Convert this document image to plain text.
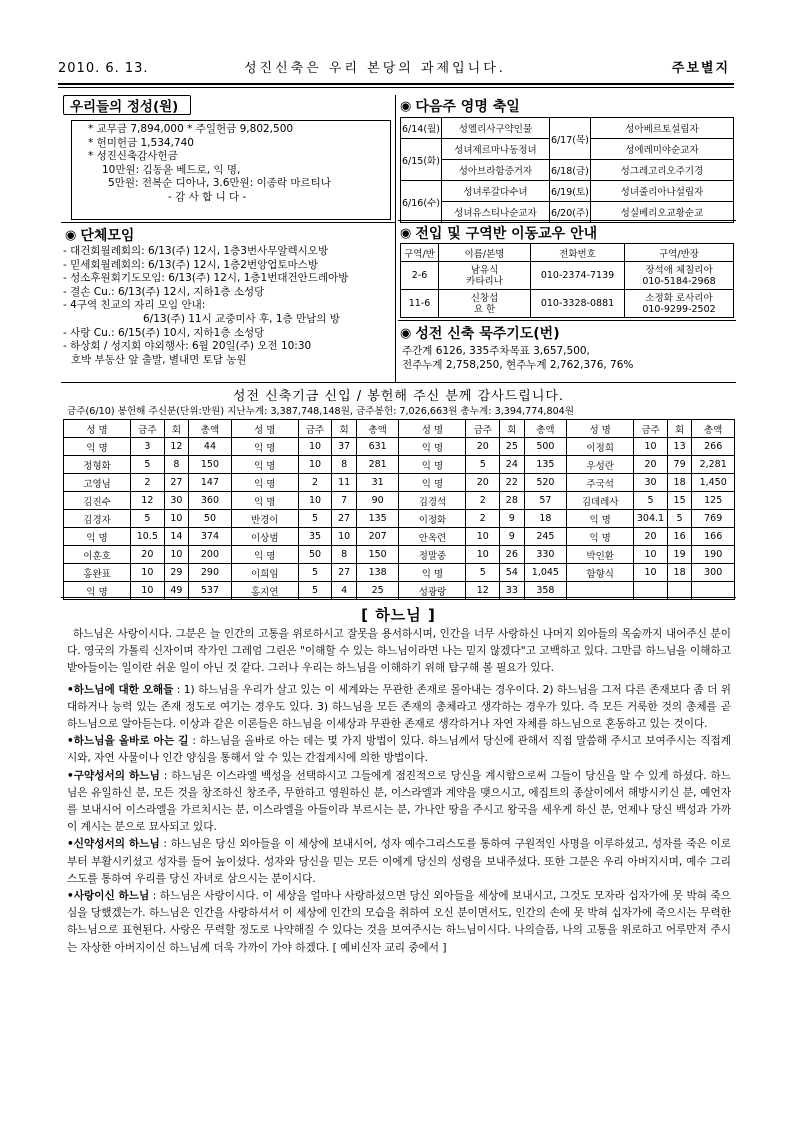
2010. 6. 13.	성진신축은 우리 본당의 과제입니다.	주보별지
우리들의 정성(원)
* 교무금 7,894,000 * 주일헌금 9,802,500
* 헌미헌금 1,534,740
* 성진신축감사헌금
10만원: 김동윤 베드로, 익 명,
5만원: 전복순 디아나, 3.6만원: 이종락 마르티나
- 감 사 합 니 다 -
◉ 단체모임
- 대건회월례회의: 6/13(주) 12시, 1층3번사무알렉시오방
- 믿세회월례회의: 6/13(주) 12시, 1층2번앙업토마스방
- 성소후원회기도모임: 6/13(주) 12시, 1층1번대건안드레아방
- 결손 Cu.: 6/13(주) 12시, 지하1층 소성당
- 4구역 친교의 자리 모임 안내:
6/13(주) 11시 교중미사 후, 1층 만남의 방
- 사랑 Cu.: 6/15(주) 10시, 지하1층 소성당
- 하상회 / 성지회 야외행사: 6월 20일(주) 오전 10:30
호박 부동산 앞 출발, 별내면 토담 농원
◉ 다음주 영명 축일
6/14(월)	성엘리사구약인물	6/17(목)	성아베르토설립자
6/15(화)	성녀제르마나동정녀		성에레미야순교자
	성아브라함증거자	6/18(금)	성그레고리오주기경
6/16(수)	성녀루갈다수녀	6/19(토)	성녀줄리아나설립자
	성녀유스티나순교자	6/20(주)	성실베리오교황순교
◉ 전입 및 구역반 이동교우 안내
구역/반	이름/본명	전화번호	구역/반장
2-6	남유식
카타리나	010-2374-7139	장석애 체칠리아
010-5184-2968

11-6	신창섭
요 한	010-3328-0881	소정화 로사리아
010-9299-2502
◉ 성전 신축 묵주기도(번)
주간계 6126, 335주차목표 3,657,500,
전주누계 2,758,250, 현주누계 2,762,376, 76%
성전 신축기금 신입 / 봉헌해 주신 분께 감사드립니다.
금주(6/10) 봉헌해 주신분(단위:만원) 지난누계: 3,387,748,148원, 금주봉헌: 7,026,663원 총누계: 3,394,774,804원
성 명	금주	회	총액	성 명	금주	회	총액	성 명	금주	회	총액	성 명	금주	회	총액
익 명	3	12	44	익 명	10	37	631	익 명	20	25	500	이정희	10	13	266
정형화	5	8	150	익 명	10	8	281	익 명	5	24	135	우성란	20	79	2,281
고영님	2	27	147	익 명	2	11	31	익 명	20	22	520	주국석	30	18	1,450
김진수	12	30	360	익 명	10	7	90	김경석	2	28	57	김데레사	5	15	125
김경자	5	10	50	반경이	5	27	135	이정화	2	9	18	익 명	304.1	5	769
익 명	10.5	14	374	이상범	35	10	207	안옥련	10	9	245	익 명	20	16	166
이훈호	20	10	200	익 명	50	8	150	정말중	10	26	330	박인환	10	19	190
홍완표	10	29	290	이희임	5	27	138	익 명	5	54	1,045	함향식	10	18	300
익 명	10	49	537	홍지연	5	4	25	성광랑	12	33	358				
[ 하느님 ]

하느님은 사랑이시다. 그분은 늘 인간의 고통을 위로하시고 잘못을 용서하시며, 인간을 너무 사랑하신 나머지 외아들의 목숨까지 내어주신 분이다. 영국의 가톨릭 신자이며 작가인 그레엄 그린은 "이해할 수 있는 하느님이라면 나는 믿지 않겠다"고 고백하고 있다. 그만큼 하느님을 이해하고 받아들이는 일이란 쉬운 일이 아닌 것 같다. 그러나 우리는 하느님을 이해하기 위해 탐구해 볼 필요가 있다.

•하느님에 대한 오해들 : 1) 하느님을 우리가 살고 있는 이 세계와는 무관한 존재로 몰아내는 경우이다. 2) 하느님을 그저 다른 존재보다 좀 더 위대하거나 능력 있는 존재 정도로 여기는 경우도 있다. 3) 하느님을 모든 존재의 총체라고 생각하는 경우가 있다. 즉 모든 거룩한 것의 총체를 곧 하느님으로 알아듣는다. 이상과 같은 이론들은 하느님을 이세상과 무관한 존재로 생각하거나 자연 자체를 하느님으로 혼동하고 있는 것이다.

•하느님을 올바로 아는 길 : 하느님을 올바로 아는 데는 몇 가지 방법이 있다. 하느님께서 당신에 관해서 직접 말씀해 주시고 보여주시는 직접계시와, 자연 사물이나 인간 양심을 통해서 알 수 있는 간접계시에 의한 방법이다.

•구약성서의 하느님 : 하느님은 이스라엘 백성을 선택하시고 그들에게 점진적으로 당신을 계시함으로써 그들이 당신을 알 수 있게 하셨다. 하느님은 유일하신 분, 모든 것을 창조하신 창조주, 무한하고 영원하신 분, 이스라엘과 계약을 맺으시고, 에집트의 종살이에서 해방시키신 분, 예언자를 보내시어 이스라엘을 가르치시는 분, 이스라엘을 아들이라 부르시는 분, 가나안 땅을 주시고 왕국을 세우게 하신 분, 언제나 당신 백성과 가까이 계시는 분으로 묘사되고 있다.

•신약성서의 하느님 : 하느님은 당신 외아들을 이 세상에 보내시어, 성자 예수그리스도를 통하여 구원적인 사명을 이루하셨고, 성자를 죽은 이로부터 부활시키셨고 성자를 들어 높이셨다. 성자와 당신을 믿는 모든 이에게 당신의 성령을 보내주셨다. 또한 그분은 우리 아버지시며, 예수 그리스도를 통하여 우리를 당신 자녀로 삼으시는 분이시다.

•사랑이신 하느님 : 하느님은 사랑이시다. 이 세상을 얼마나 사랑하셨으면 당신 외아들을 세상에 보내시고, 그것도 모자라 십자가에 못 박혀 죽으심을 당했겠는가. 하느님은 인간을 사랑하셔서 이 세상에 인간의 모습을 취하여 오신 분이면서도, 인간의 손에 못 박혀 십자가에 죽으시는 무력한 하느님으로 표현된다. 사랑은 무력할 정도로 나약해질 수 있다는 것을 보여주시는 하느님이시다. 나의슬픔, 나의 고통을 위로하고 어루만져 주시는 자상한 아버지이신 하느님께 더욱 가까이 가야 하겠다. [ 예비신자 교리 중에서 ]
